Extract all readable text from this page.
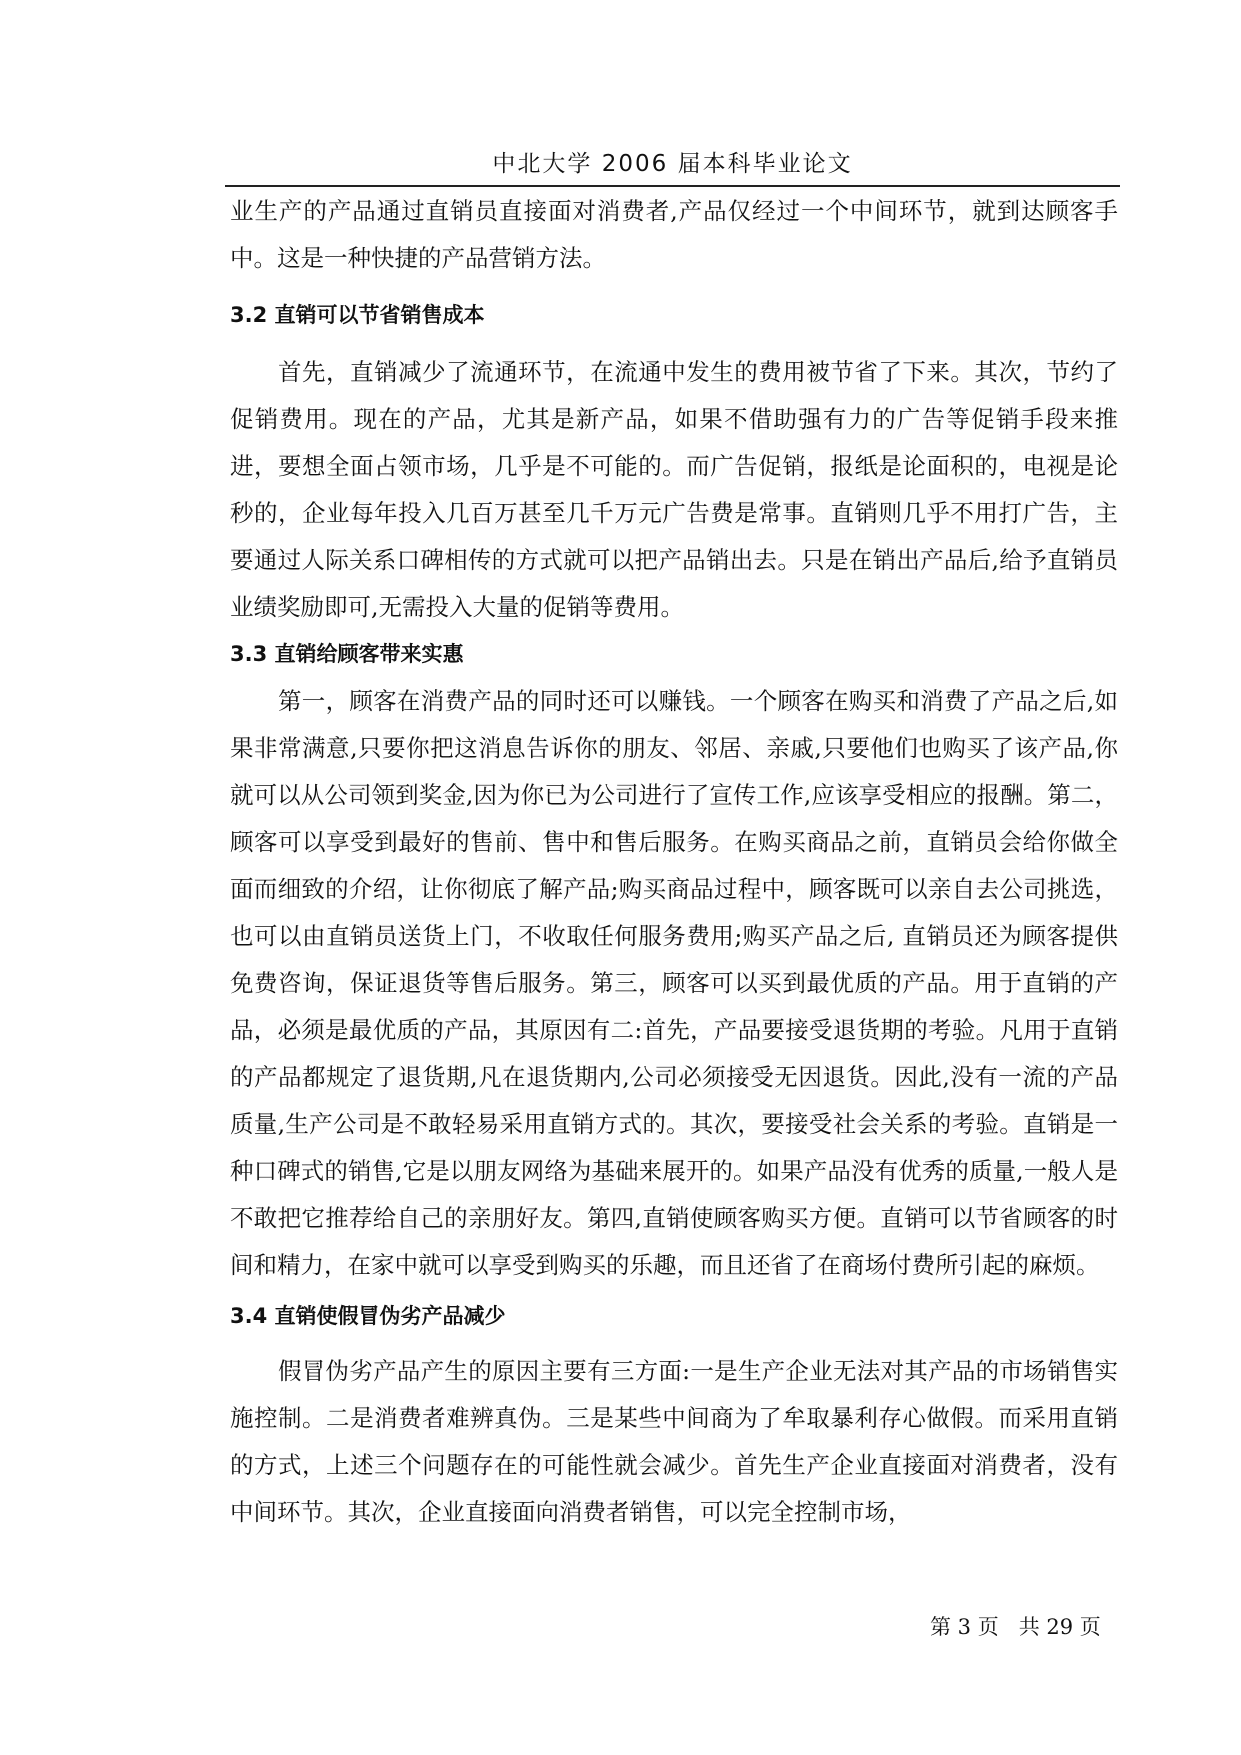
中北大学 2006 届本科毕业论文

业生产的产品通过直销员直接面对消费者,产品仅经过一个中间环节，就到达顾客手中。这是一种快捷的产品营销方法。

3.2 直销可以节省销售成本

首先，直销减少了流通环节，在流通中发生的费用被节省了下来。其次，节约了促销费用。现在的产品，尤其是新产品，如果不借助强有力的广告等促销手段来推进，要想全面占领市场，几乎是不可能的。而广告促销，报纸是论面积的，电视是论秒的，企业每年投入几百万甚至几千万元广告费是常事。直销则几乎不用打广告，主要通过人际关系口碑相传的方式就可以把产品销出去。只是在销出产品后,给予直销员业绩奖励即可,无需投入大量的促销等费用。

3.3 直销给顾客带来实惠

第一，顾客在消费产品的同时还可以赚钱。一个顾客在购买和消费了产品之后,如果非常满意,只要你把这消息告诉你的朋友、邻居、亲戚,只要他们也购买了该产品,你就可以从公司领到奖金,因为你已为公司进行了宣传工作,应该享受相应的报酬。第二，顾客可以享受到最好的售前、售中和售后服务。在购买商品之前，直销员会给你做全面而细致的介绍，让你彻底了解产品;购买商品过程中，顾客既可以亲自去公司挑选，也可以由直销员送货上门，不收取任何服务费用;购买产品之后, 直销员还为顾客提供免费咨询，保证退货等售后服务。第三，顾客可以买到最优质的产品。用于直销的产品，必须是最优质的产品，其原因有二:首先，产品要接受退货期的考验。凡用于直销的产品都规定了退货期,凡在退货期内,公司必须接受无因退货。因此,没有一流的产品质量,生产公司是不敢轻易采用直销方式的。其次，要接受社会关系的考验。直销是一种口碑式的销售,它是以朋友网络为基础来展开的。如果产品没有优秀的质量,一般人是不敢把它推荐给自己的亲朋好友。第四,直销使顾客购买方便。直销可以节省顾客的时间和精力，在家中就可以享受到购买的乐趣，而且还省了在商场付费所引起的麻烦。

3.4 直销使假冒伪劣产品减少

假冒伪劣产品产生的原因主要有三方面:一是生产企业无法对其产品的市场销售实施控制。二是消费者难辨真伪。三是某些中间商为了牟取暴利存心做假。而采用直销的方式，上述三个问题存在的可能性就会减少。首先生产企业直接面对消费者，没有中间环节。其次，企业直接面向消费者销售，可以完全控制市场，

第 3 页   共 29 页
